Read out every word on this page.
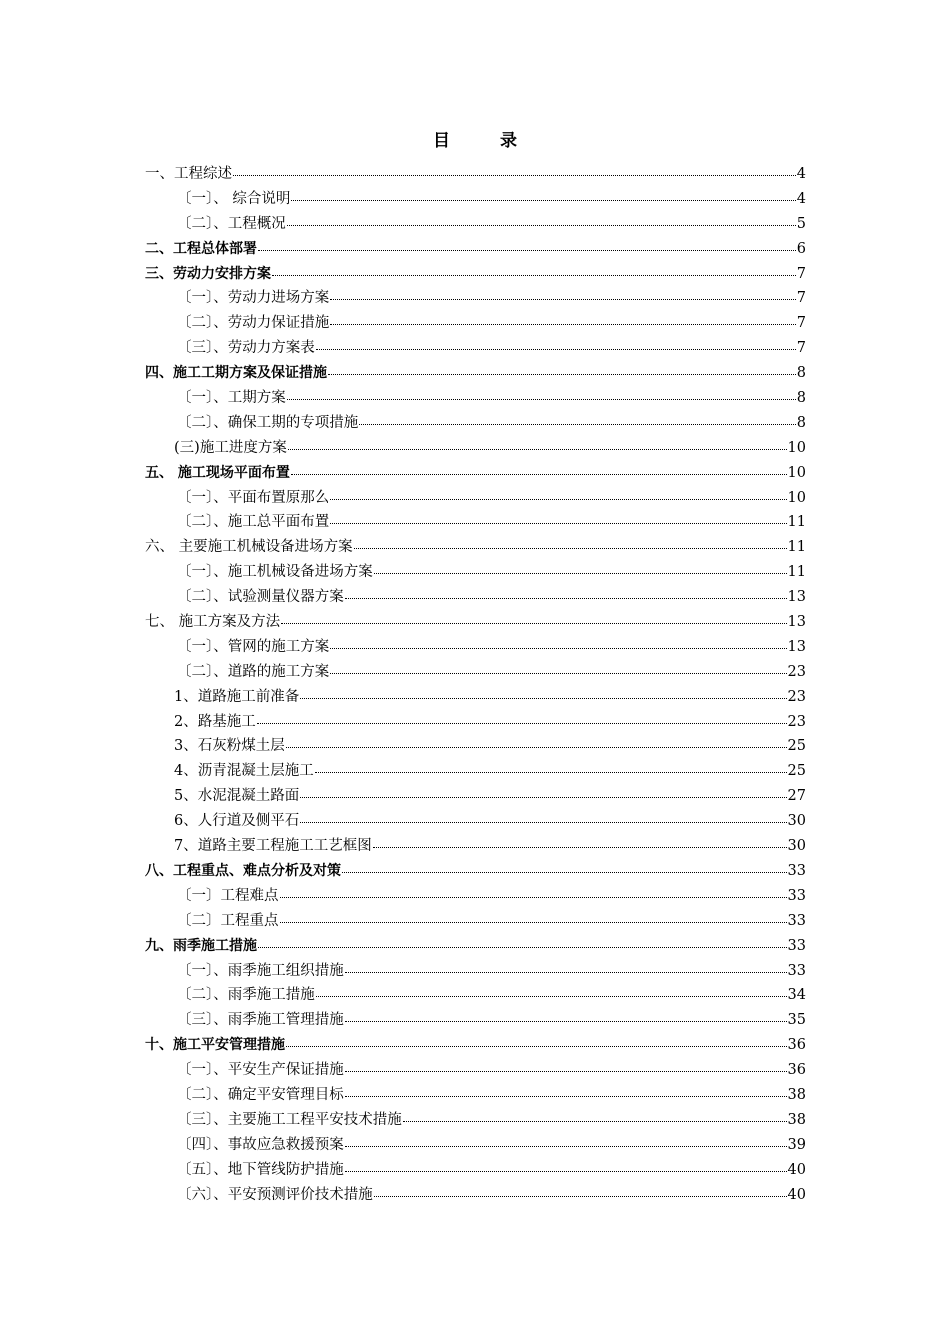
目 录
一、工程综述	4
〔一〕、 综合说明	4
〔二〕、工程概况	5
二、工程总体部署	6
三、劳动力安排方案	7
〔一〕、劳动力进场方案	7
〔二〕、劳动力保证措施	7
〔三〕、劳动力方案表	7
四、施工工期方案及保证措施	8
〔一〕、工期方案	8
〔二〕、确保工期的专项措施	8
(三)施工进度方案	10
五、 施工现场平面布置	10
〔一〕、平面布置原那么	10
〔二〕、施工总平面布置	11
六、 主要施工机械设备进场方案	11
〔一〕、施工机械设备进场方案	11
〔二〕、试验测量仪器方案	13
七、 施工方案及方法	13
〔一〕、管网的施工方案	13
〔二〕、道路的施工方案	23
1、道路施工前准备	23
2、路基施工	23
3、石灰粉煤土层	25
4、沥青混凝土层施工	25
5、水泥混凝土路面	27
6、人行道及侧平石	30
7、道路主要工程施工工艺框图	30
八、工程重点、难点分析及对策	33
〔一〕工程难点	33
〔二〕工程重点	33
九、雨季施工措施	33
〔一〕、雨季施工组织措施	33
〔二〕、雨季施工措施	34
〔三〕、雨季施工管理措施	35
十、施工平安管理措施	36
〔一〕、平安生产保证措施	36
〔二〕、确定平安管理目标	38
〔三〕、主要施工工程平安技术措施	38
〔四〕、事故应急救援预案	39
〔五〕、地下管线防护措施	40
〔六〕、平安预测评价技术措施	40
